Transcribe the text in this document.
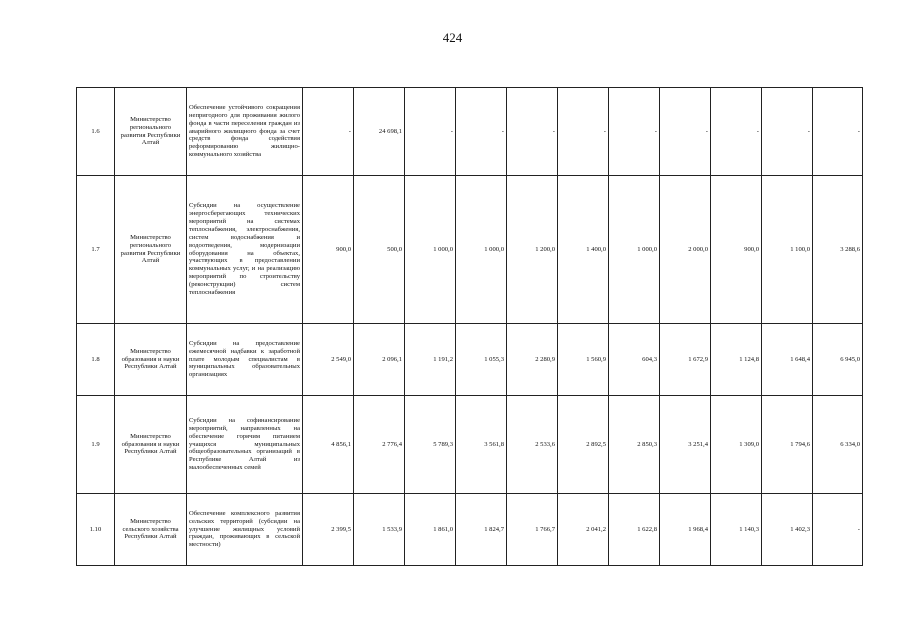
424
1.6	Министерство регионального развития Республики Алтай	Обеспечение устойчивого сокращения непригодного для проживания жилого фонда в части переселения граждан из аварийного жилищного фонда за счет средств фонда содействия реформированию жилищно-коммунального хозяйства	-	24 698,1	-	-	-	-	-	-	-	-	-
1.7	Министерство регионального развития Республики Алтай	Субсидии на осуществление энергосберегающих технических мероприятий на системах теплоснабжения, электроснабжения, систем водоснабжения и водоотведения, модернизации оборудования на объектах, участвующих в предоставлении коммунальных услуг, и на реализацию мероприятий по строительству (реконструкции) систем теплоснабжения	900,0	500,0	1 000,0	1 000,0	1 200,0	1 400,0	1 000,0	2 000,0	900,0	1 100,0	3 288,6
1.8	Министерство образования и науки Республики Алтай	Субсидии на предоставление ежемесячной надбавки к заработной плате молодым специалистам в муниципальных образовательных организациях	2 549,0	2 096,1	1 191,2	1 055,3	2 280,9	1 560,9	604,3	1 672,9	1 124,8	1 648,4	6 945,0
1.9	Министерство образования и науки Республики Алтай	Субсидии на софинансирование мероприятий, направленных на обеспечение горячим питанием учащихся муниципальных общеобразовательных организаций в Республике Алтай из малообеспеченных семей	4 856,1	2 776,4	5 789,3	3 561,8	2 533,6	2 892,5	2 850,3	3 251,4	1 309,0	1 794,6	6 334,0
1.10	Министерство сельского хозяйства Республики Алтай	Обеспечение комплексного развития сельских территорий (субсидии на улучшение жилищных условий граждан, проживающих в сельской местности)	2 399,5	1 533,9	1 861,0	1 824,7	1 766,7	2 041,2	1 622,8	1 968,4	1 140,3	1 402,3	-
